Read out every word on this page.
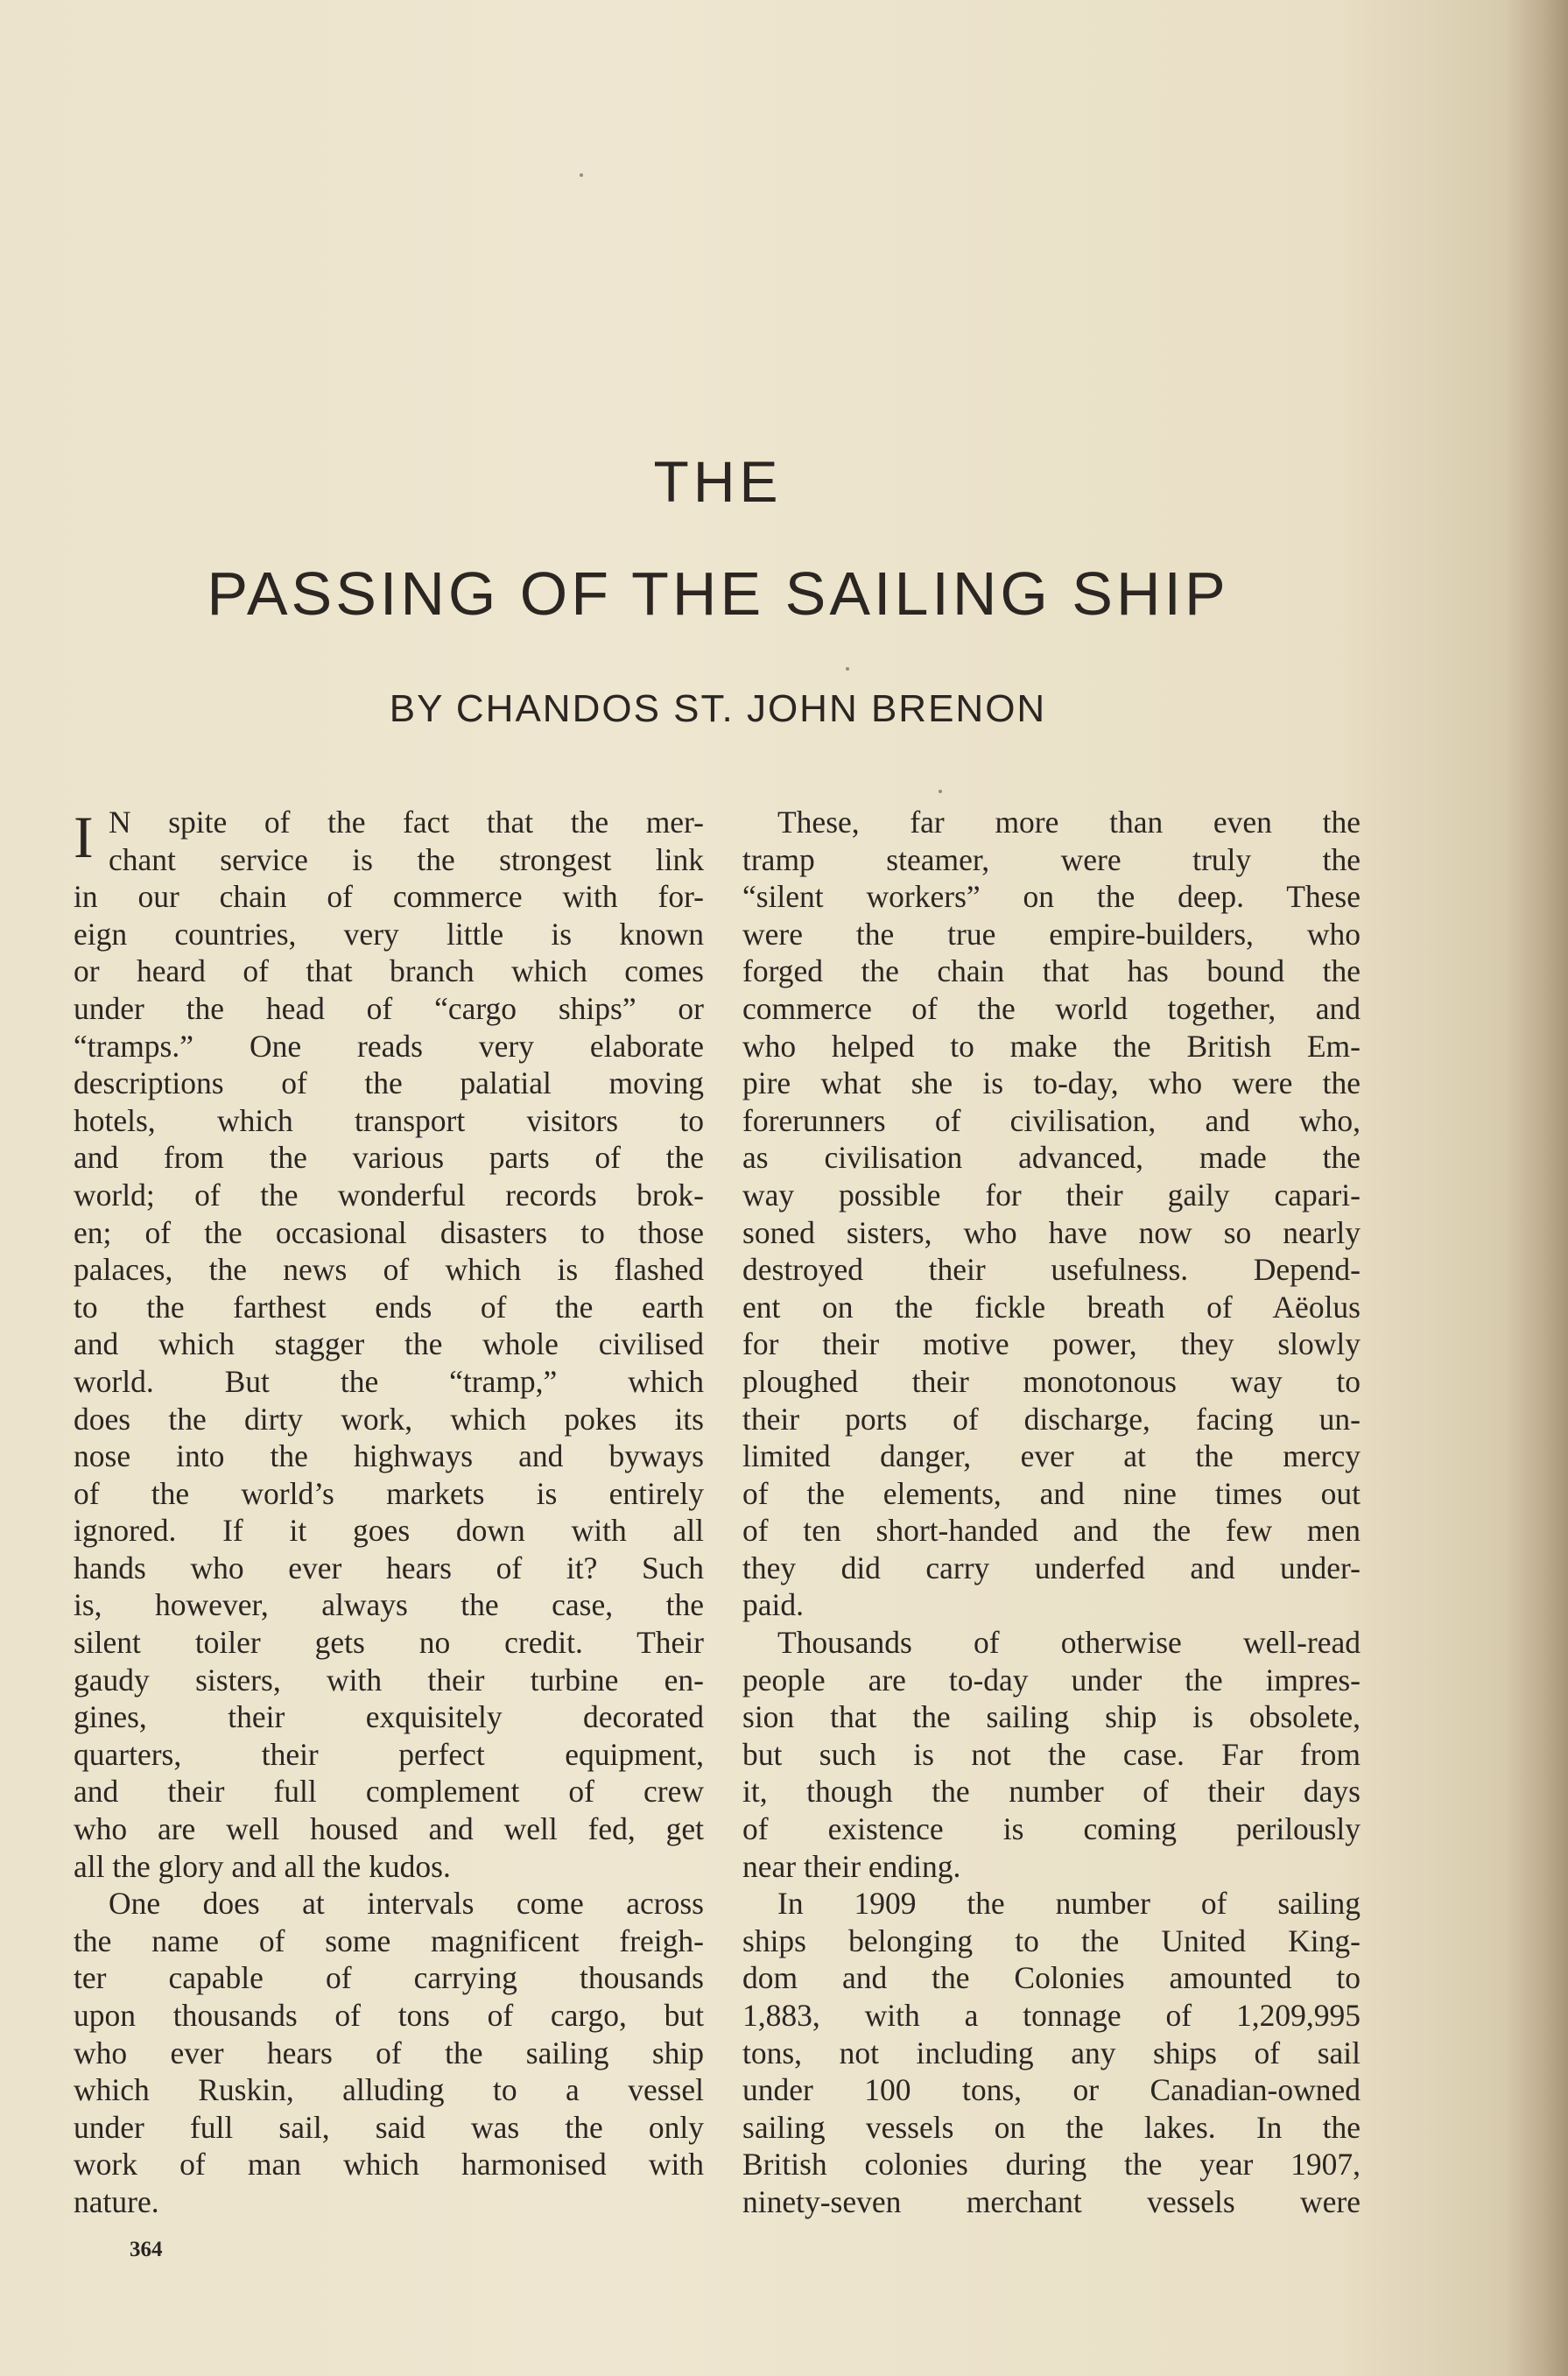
THE
PASSING OF THE SAILING SHIP
BY CHANDOS ST. JOHN BRENON
I N spite of the fact that the mer-
chant service is the strongest link
in our chain of commerce with for-
eign countries, very little is known
or heard of that branch which comes
under the head of “cargo ships” or
“tramps.” One reads very elaborate
descriptions of the palatial moving
hotels, which transport visitors to
and from the various parts of the
world; of the wonderful records brok-
en; of the occasional disasters to those
palaces, the news of which is flashed
to the farthest ends of the earth
and which stagger the whole civilised
world. But the “tramp,” which
does the dirty work, which pokes its
nose into the highways and byways
of the world’s markets is entirely
ignored. If it goes down with all
hands who ever hears of it? Such
is, however, always the case, the
silent toiler gets no credit. Their
gaudy sisters, with their turbine en-
gines, their exquisitely decorated
quarters, their perfect equipment,
and their full complement of crew
who are well housed and well fed, get
all the glory and all the kudos.
One does at intervals come across
the name of some magnificent freigh-
ter capable of carrying thousands
upon thousands of tons of cargo, but
who ever hears of the sailing ship
which Ruskin, alluding to a vessel
under full sail, said was the only
work of man which harmonised with
nature.
These, far more than even the
tramp steamer, were truly the
“silent workers” on the deep. These
were the true empire-builders, who
forged the chain that has bound the
commerce of the world together, and
who helped to make the British Em-
pire what she is to-day, who were the
forerunners of civilisation, and who,
as civilisation advanced, made the
way possible for their gaily capari-
soned sisters, who have now so nearly
destroyed their usefulness. Depend-
ent on the fickle breath of Aëolus
for their motive power, they slowly
ploughed their monotonous way to
their ports of discharge, facing un-
limited danger, ever at the mercy
of the elements, and nine times out
of ten short-handed and the few men
they did carry underfed and under-
paid.
Thousands of otherwise well-read
people are to-day under the impres-
sion that the sailing ship is obsolete,
but such is not the case. Far from
it, though the number of their days
of existence is coming perilously
near their ending.
In 1909 the number of sailing
ships belonging to the United King-
dom and the Colonies amounted to
1,883, with a tonnage of 1,209,995
tons, not including any ships of sail
under 100 tons, or Canadian-owned
sailing vessels on the lakes. In the
British colonies during the year 1907,
ninety-seven merchant vessels were
364
